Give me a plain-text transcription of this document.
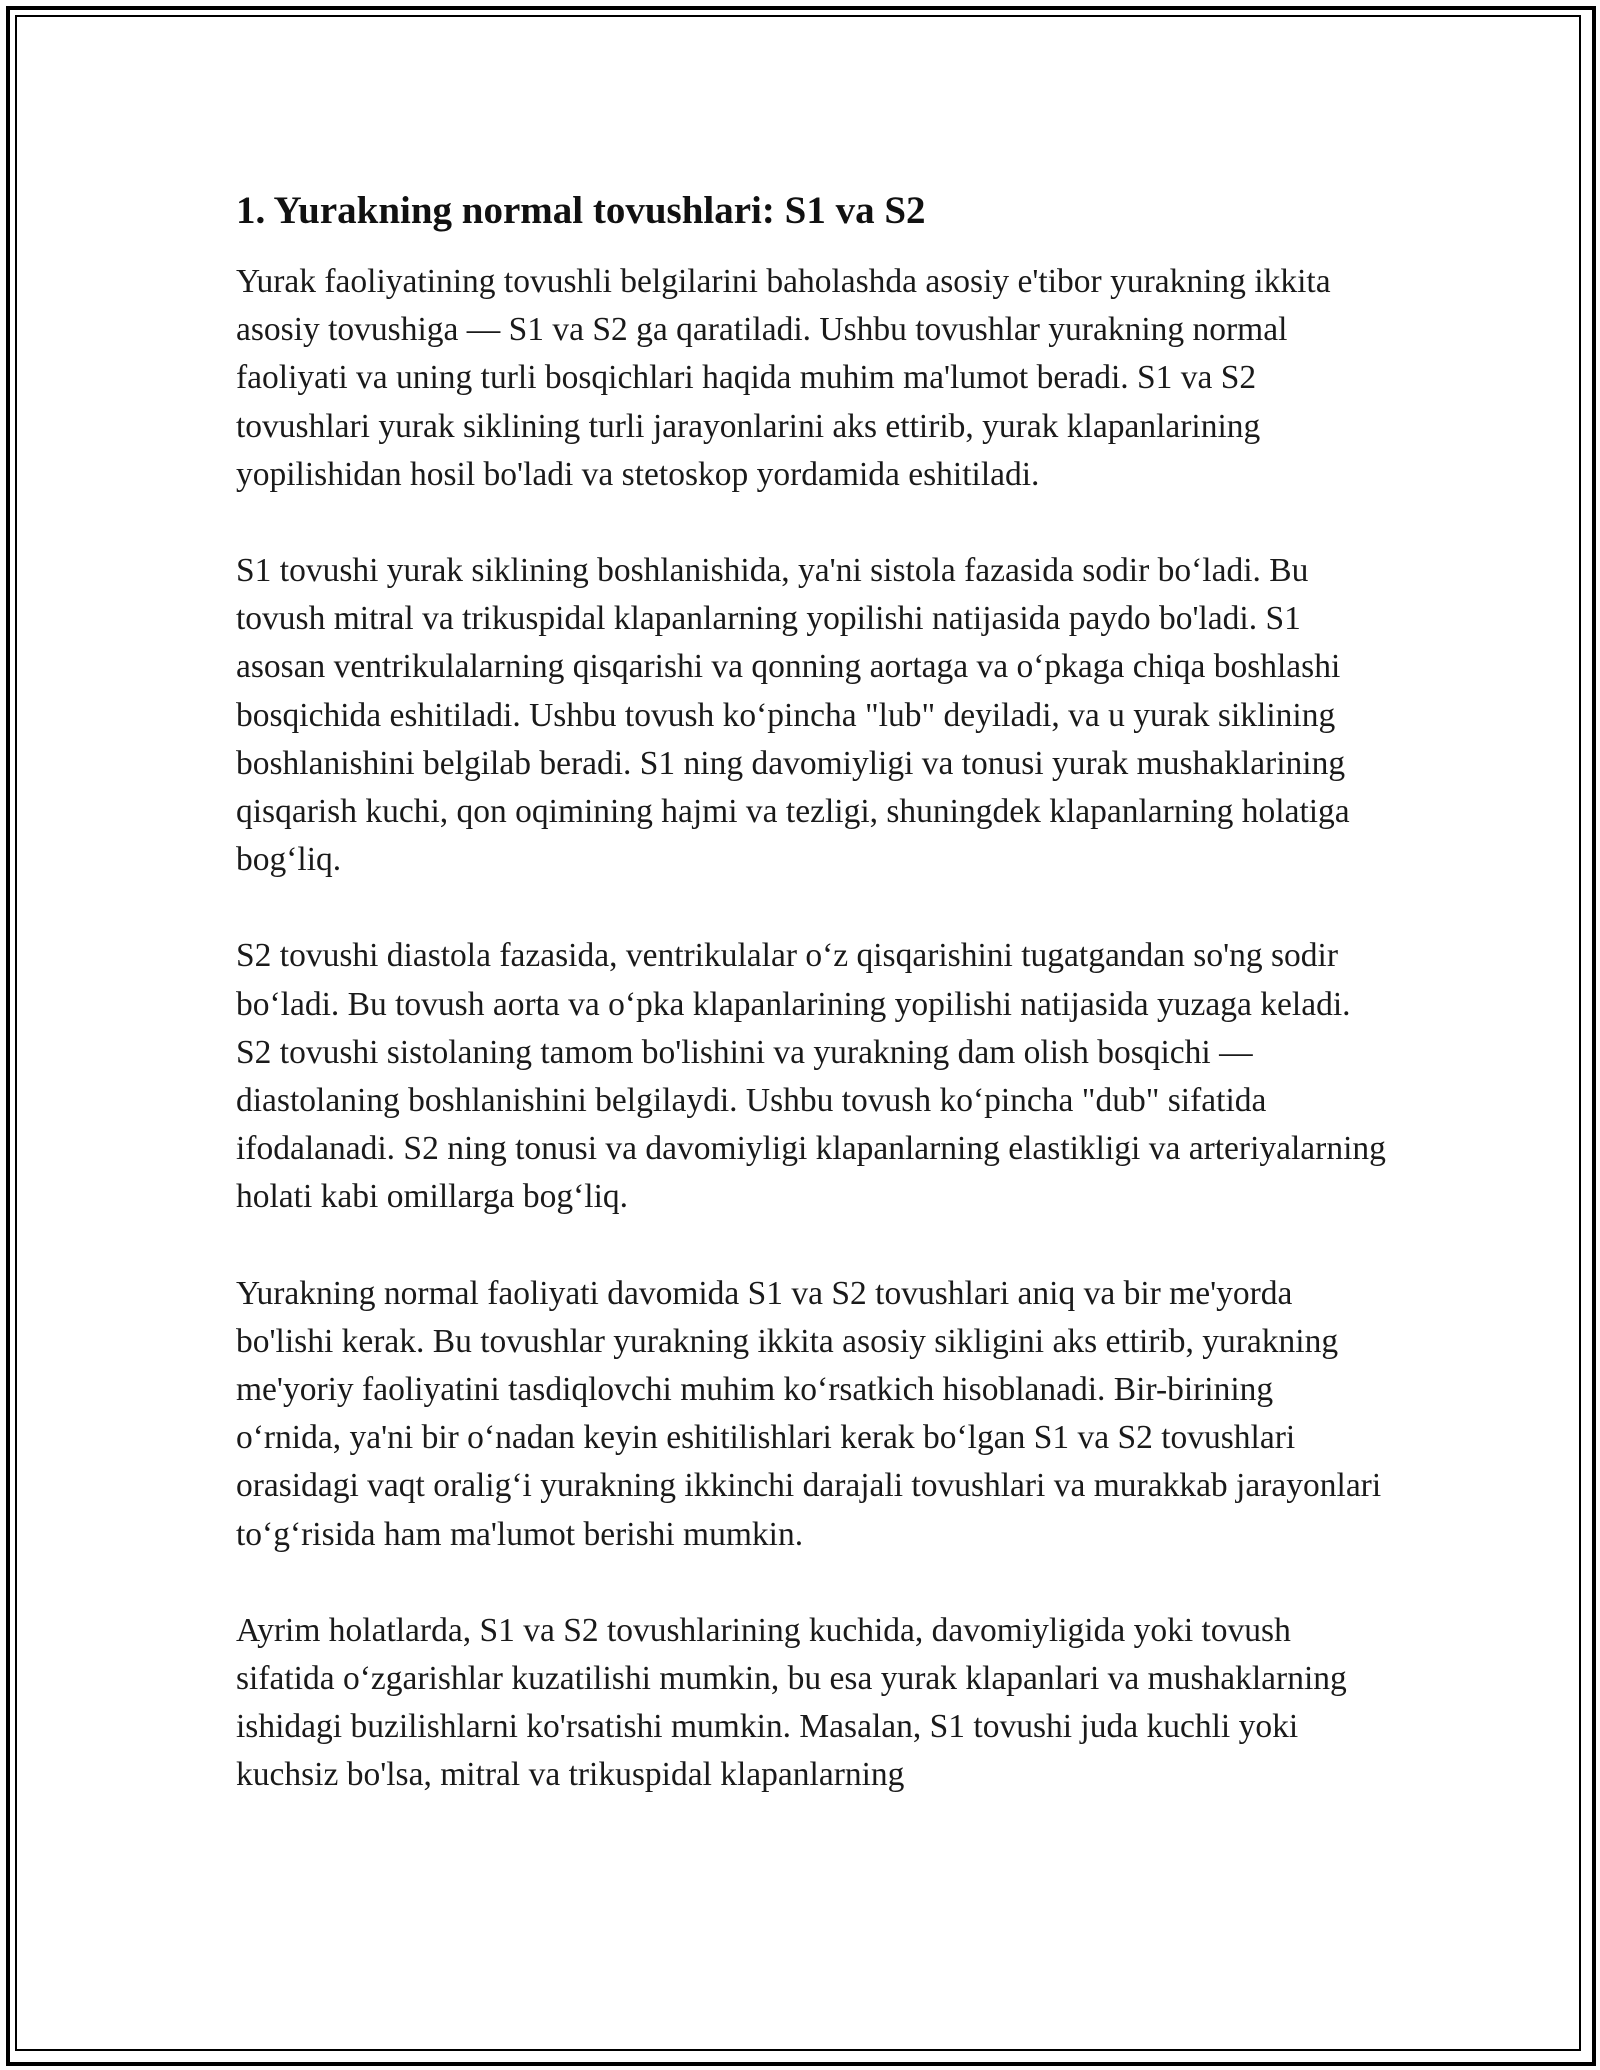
1. Yurakning normal tovushlari: S1 va S2

Yurak faoliyatining tovushli belgilarini baholashda asosiy e'tibor yurakning ikkita asosiy tovushiga — S1 va S2 ga qaratiladi. Ushbu tovushlar yurakning normal faoliyati va uning turli bosqichlari haqida muhim ma'lumot beradi. S1 va S2 tovushlari yurak siklining turli jarayonlarini aks ettirib, yurak klapanlarining yopilishidan hosil bo'ladi va stetoskop yordamida eshitiladi.

S1 tovushi yurak siklining boshlanishida, ya'ni sistola fazasida sodir boʻladi. Bu tovush mitral va trikuspidal klapanlarning yopilishi natijasida paydo bo'ladi. S1 asosan ventrikulalarning qisqarishi va qonning aortaga va oʻpkaga chiqa boshlashi bosqichida eshitiladi. Ushbu tovush koʻpincha "lub" deyiladi, va u yurak siklining boshlanishini belgilab beradi. S1 ning davomiyligi va tonusi yurak mushaklarining qisqarish kuchi, qon oqimining hajmi va tezligi, shuningdek klapanlarning holatiga bogʻliq.

S2 tovushi diastola fazasida, ventrikulalar oʻz qisqarishini tugatgandan so'ng sodir boʻladi. Bu tovush aorta va oʻpka klapanlarining yopilishi natijasida yuzaga keladi. S2 tovushi sistolaning tamom bo'lishini va yurakning dam olish bosqichi — diastolaning boshlanishini belgilaydi. Ushbu tovush koʻpincha "dub" sifatida ifodalanadi. S2 ning tonusi va davomiyligi klapanlarning elastikligi va arteriyalarning holati kabi omillarga bogʻliq.

Yurakning normal faoliyati davomida S1 va S2 tovushlari aniq va bir me'yorda bo'lishi kerak. Bu tovushlar yurakning ikkita asosiy sikligini aks ettirib, yurakning me'yoriy faoliyatini tasdiqlovchi muhim koʻrsatkich hisoblanadi. Bir-birining oʻrnida, ya'ni bir oʻnadan keyin eshitilishlari kerak boʻlgan S1 va S2 tovushlari orasidagi vaqt oraligʻi yurakning ikkinchi darajali tovushlari va murakkab jarayonlari toʻgʻrisida ham ma'lumot berishi mumkin.

Ayrim holatlarda, S1 va S2 tovushlarining kuchida, davomiyligida yoki tovush sifatida oʻzgarishlar kuzatilishi mumkin, bu esa yurak klapanlari va mushaklarning ishidagi buzilishlarni ko'rsatishi mumkin. Masalan, S1 tovushi juda kuchli yoki kuchsiz bo'lsa, mitral va trikuspidal klapanlarning
